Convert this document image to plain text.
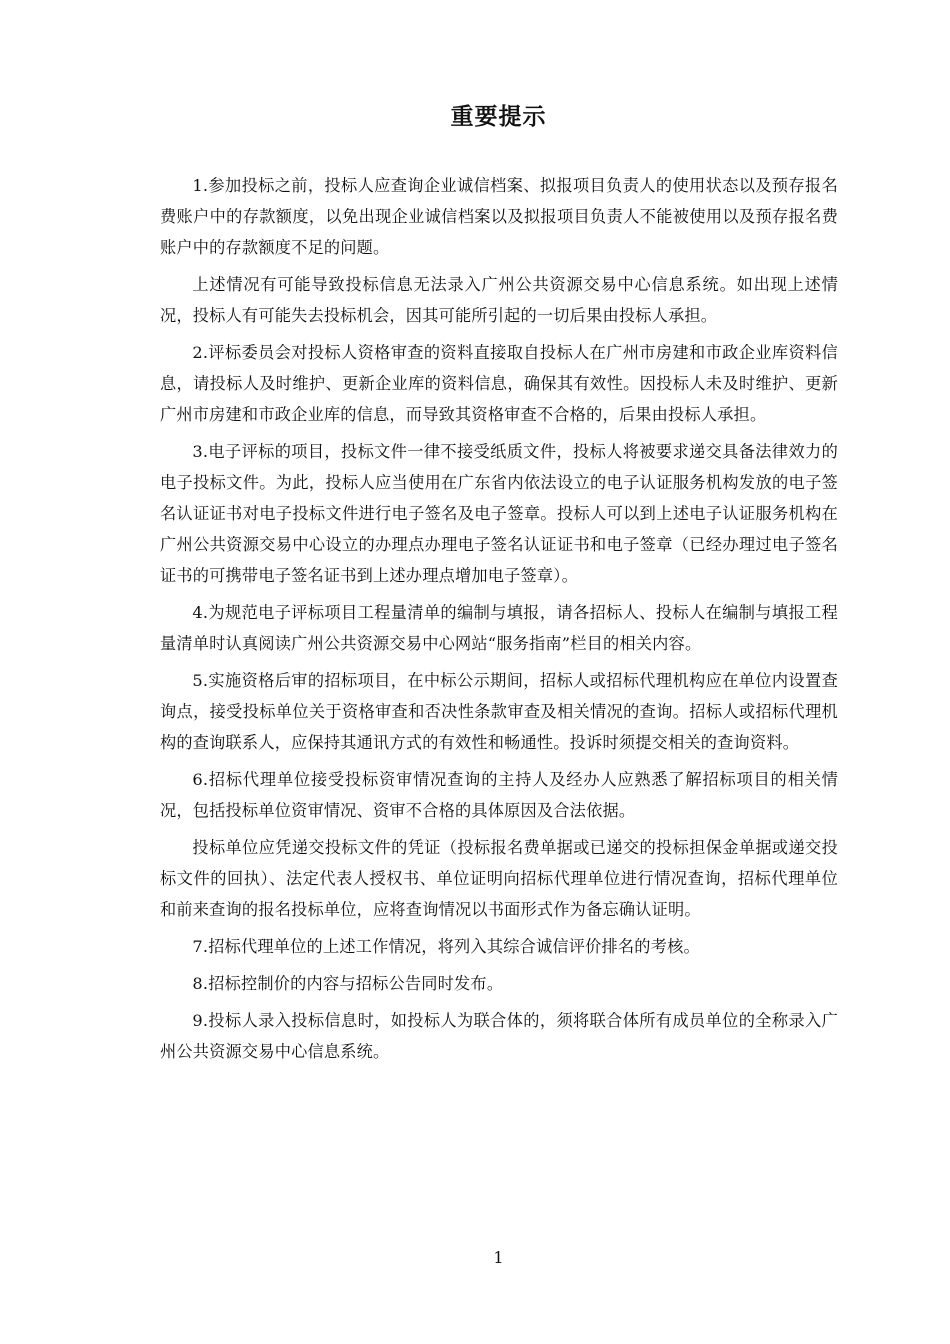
重要提示

1.参加投标之前，投标人应查询企业诚信档案、拟报项目负责人的使用状态以及预存报名费账户中的存款额度，以免出现企业诚信档案以及拟报项目负责人不能被使用以及预存报名费账户中的存款额度不足的问题。

上述情况有可能导致投标信息无法录入广州公共资源交易中心信息系统。如出现上述情况，投标人有可能失去投标机会，因其可能所引起的一切后果由投标人承担。

2.评标委员会对投标人资格审查的资料直接取自投标人在广州市房建和市政企业库资料信息，请投标人及时维护、更新企业库的资料信息，确保其有效性。因投标人未及时维护、更新广州市房建和市政企业库的信息，而导致其资格审查不合格的，后果由投标人承担。

3.电子评标的项目，投标文件一律不接受纸质文件，投标人将被要求递交具备法律效力的电子投标文件。为此，投标人应当使用在广东省内依法设立的电子认证服务机构发放的电子签名认证证书对电子投标文件进行电子签名及电子签章。投标人可以到上述电子认证服务机构在广州公共资源交易中心设立的办理点办理电子签名认证证书和电子签章（已经办理过电子签名证书的可携带电子签名证书到上述办理点增加电子签章）。

4.为规范电子评标项目工程量清单的编制与填报，请各招标人、投标人在编制与填报工程量清单时认真阅读广州公共资源交易中心网站“服务指南”栏目的相关内容。

5.实施资格后审的招标项目，在中标公示期间，招标人或招标代理机构应在单位内设置查询点，接受投标单位关于资格审查和否决性条款审查及相关情况的查询。招标人或招标代理机构的查询联系人，应保持其通讯方式的有效性和畅通性。投诉时须提交相关的查询资料。

6.招标代理单位接受投标资审情况查询的主持人及经办人应熟悉了解招标项目的相关情况，包括投标单位资审情况、资审不合格的具体原因及合法依据。

投标单位应凭递交投标文件的凭证（投标报名费单据或已递交的投标担保金单据或递交投标文件的回执）、法定代表人授权书、单位证明向招标代理单位进行情况查询，招标代理单位和前来查询的报名投标单位，应将查询情况以书面形式作为备忘确认证明。

7.招标代理单位的上述工作情况，将列入其综合诚信评价排名的考核。

8.招标控制价的内容与招标公告同时发布。

9.投标人录入投标信息时，如投标人为联合体的，须将联合体所有成员单位的全称录入广州公共资源交易中心信息系统。

1
